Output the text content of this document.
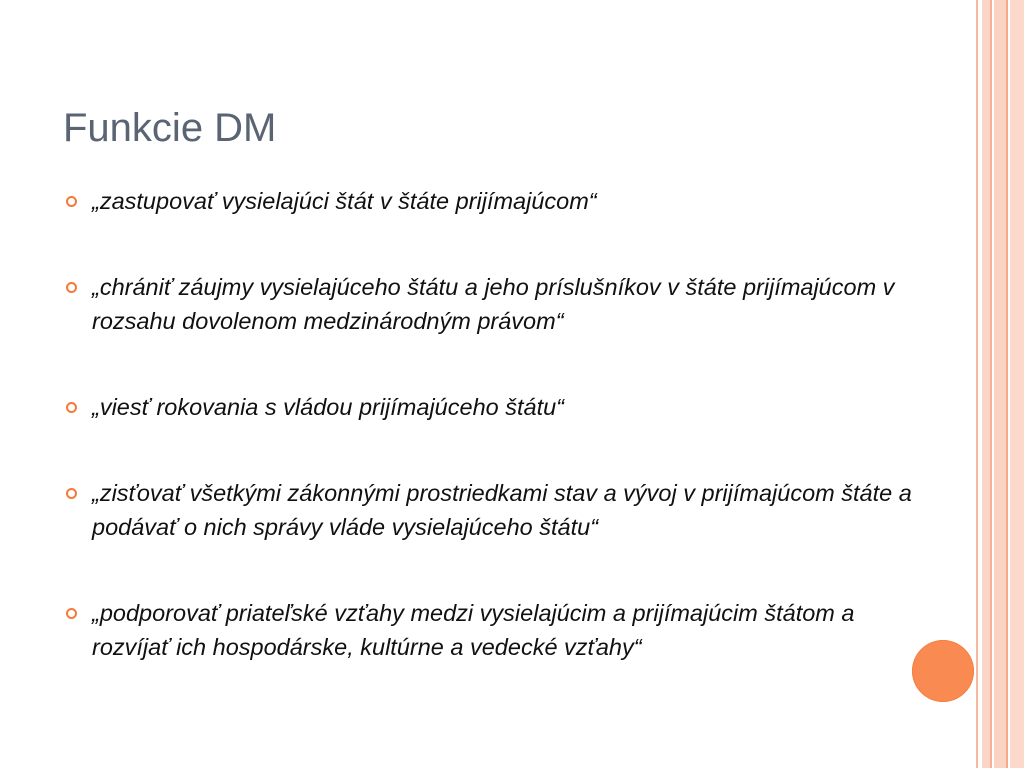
Funkcie DM
„zastupovať vysielajúci štát v štáte prijímajúcom“
„chrániť záujmy vysielajúceho štátu a jeho príslušníkov v štáte prijímajúcom v rozsahu dovolenom medzinárodným právom“
„viesť rokovania s vládou prijímajúceho štátu“
„zisťovať všetkými zákonnými prostriedkami stav a vývoj v prijímajúcom štáte a podávať o nich správy vláde vysielajúceho štátu“
„podporovať priateľské vzťahy medzi vysielajúcim a prijímajúcim štátom a rozvíjať ich hospodárske, kultúrne a vedecké vzťahy“
